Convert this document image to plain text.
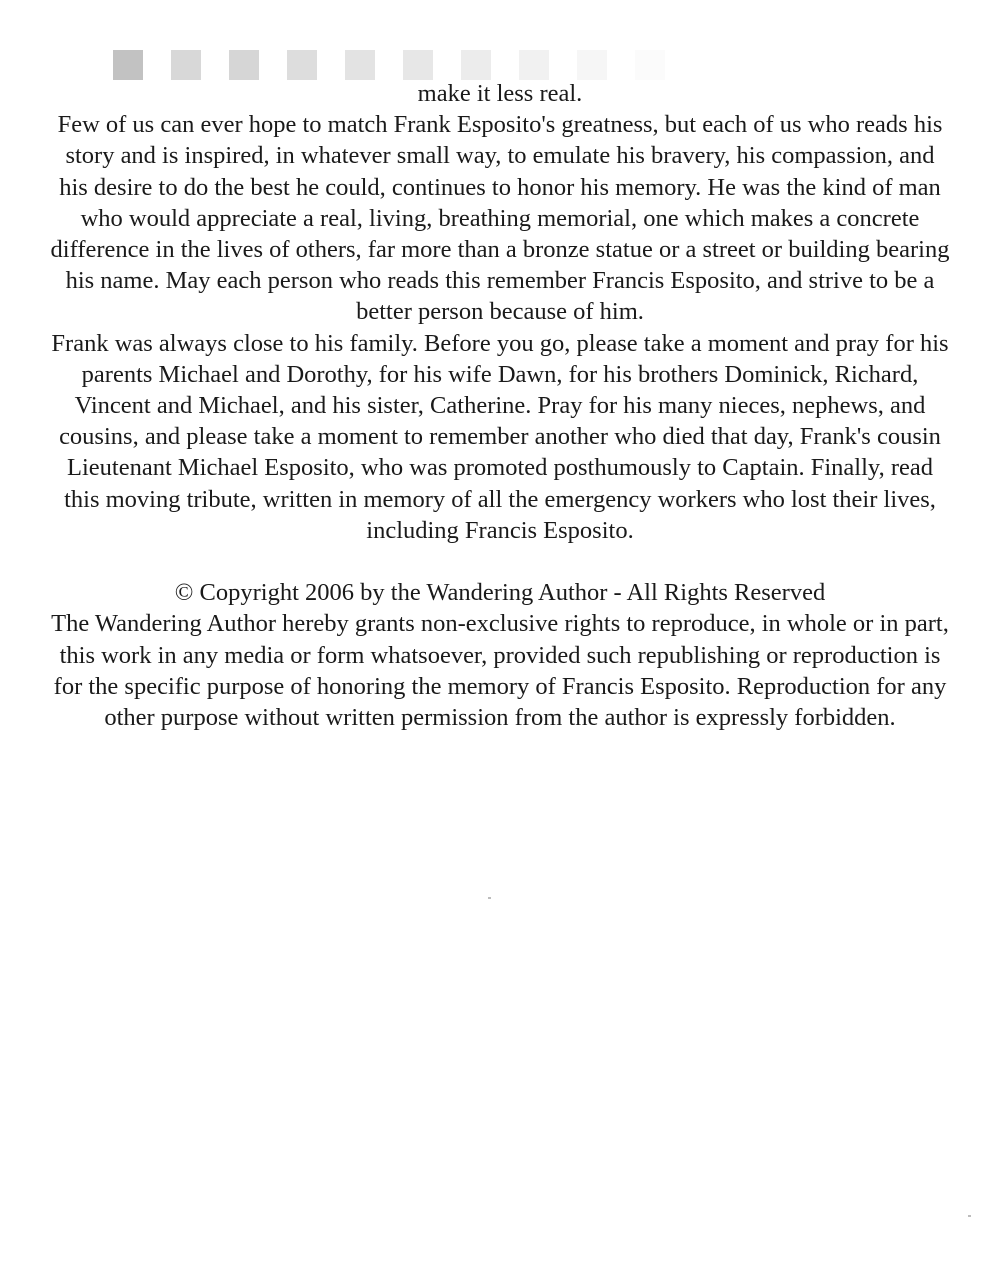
make it less real.

Few of us can ever hope to match Frank Esposito's greatness, but each of us who reads his story and is inspired, in whatever small way, to emulate his bravery, his compassion, and his desire to do the best he could, continues to honor his memory. He was the kind of man who would appreciate a real, living, breathing memorial, one which makes a concrete difference in the lives of others, far more than a bronze statue or a street or building bearing his name. May each person who reads this remember Francis Esposito, and strive to be a better person because of him.

Frank was always close to his family. Before you go, please take a moment and pray for his parents Michael and Dorothy, for his wife Dawn, for his brothers Dominick, Richard, Vincent and Michael, and his sister, Catherine. Pray for his many nieces, nephews, and cousins, and please take a moment to remember another who died that day, Frank's cousin Lieutenant Michael Esposito, who was promoted posthumously to Captain. Finally, read this moving tribute, written in memory of all the emergency workers who lost their lives, including Francis Esposito.

© Copyright 2006 by the Wandering Author - All Rights Reserved

The Wandering Author hereby grants non-exclusive rights to reproduce, in whole or in part, this work in any media or form whatsoever, provided such republishing or reproduction is for the specific purpose of honoring the memory of Francis Esposito. Reproduction for any other purpose without written permission from the author is expressly forbidden.
